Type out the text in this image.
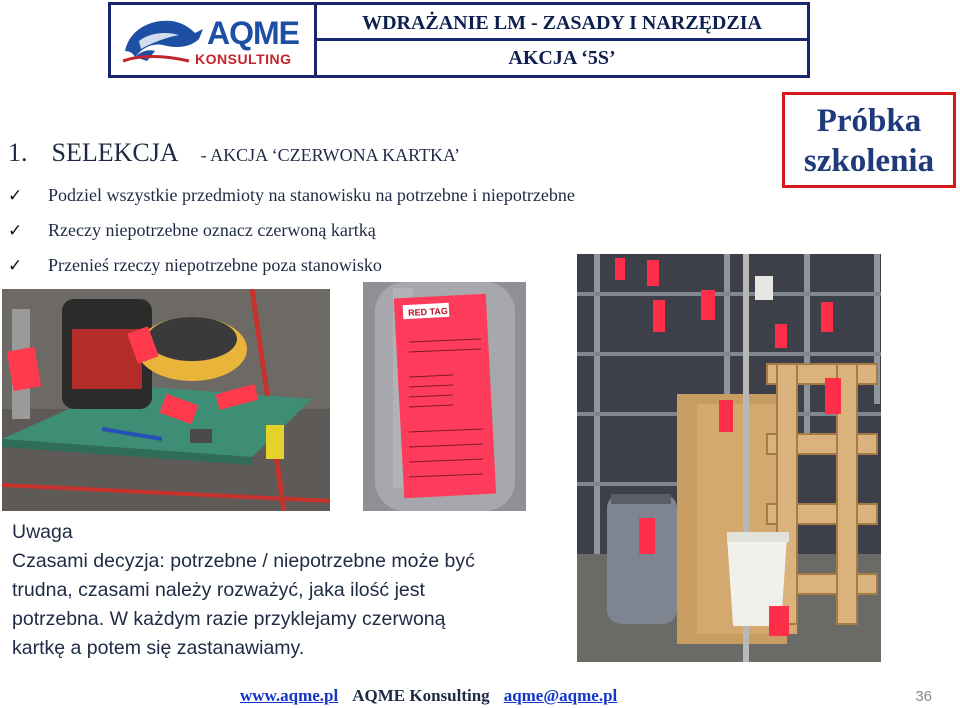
AQME
KONSULTING
WDRAŻANIE LM - ZASADY I NARZĘDZIA
AKCJA ‘5S’
Próbka
szkolenia
1. SELEKCJA - AKCJA ‘CZERWONA KARTKA’
✓	Podziel wszystkie przedmioty na stanowisku na potrzebne i niepotrzebne
✓	Rzeczy niepotrzebne oznacz czerwoną kartką
✓	Przenieś rzeczy niepotrzebne poza stanowisko
RED TAG
Uwaga
Czasami decyzja: potrzebne / niepotrzebne może być
trudna, czasami należy rozważyć, jaka ilość jest
potrzebna. W każdym razie przyklejamy czerwoną
kartkę a potem się zastanawiamy.
www.aqme.pl AQME Konsulting aqme@aqme.pl	36
